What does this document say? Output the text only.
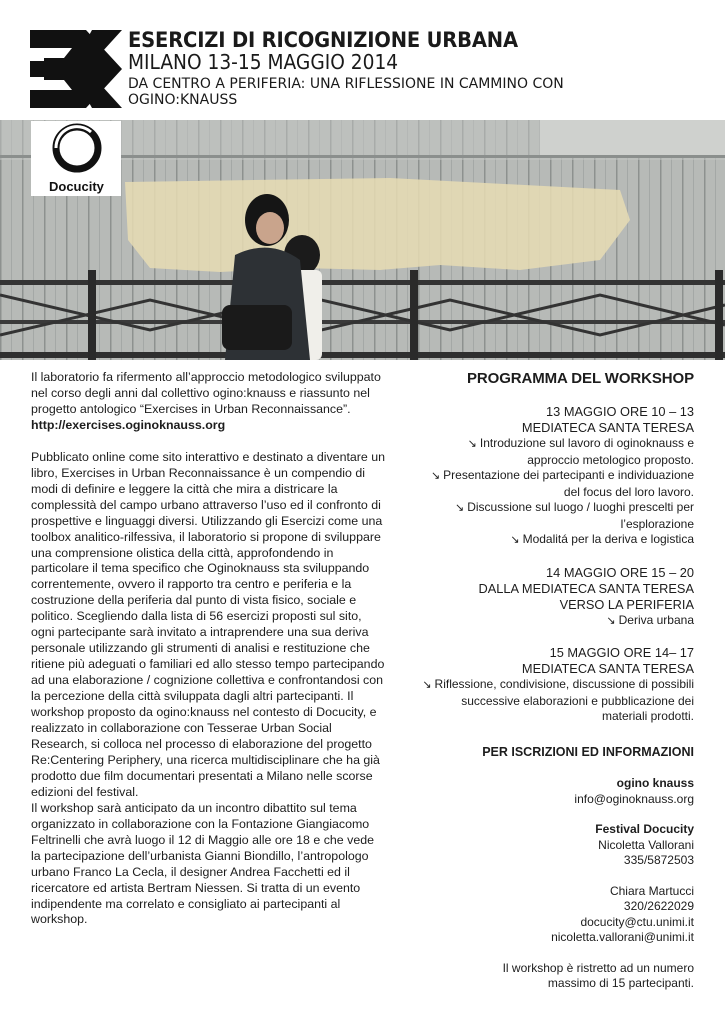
ESERCIZI DI RICOGNIZIONE URBANA
MILANO 13-15 MAGGIO 2014
DA CENTRO A PERIFERIA: UNA RIFLESSIONE IN CAMMINO CON OGINO:KNAUSS
Docucity

Il laboratorio fa rifermento all’approccio metodologico sviluppato nel corso degli anni dal collettivo ogino:knauss e riassunto nel progetto antologico “Exercises in Urban Reconnaissance”.

http://exercises.oginoknauss.org

Pubblicato online come sito interattivo e destinato a diventare un libro, Exercises in Urban Reconnaissance è un compendio di modi di definire e leggere la città che mira a districare la complessità del campo urbano attraverso l’uso ed il confronto di prospettive e linguaggi diversi. Utilizzando gli Esercizi come una toolbox analitico-rilfessiva, il laboratorio si propone di sviluppare una comprensione olistica della città, approfondendo in particolare il tema specifico che Oginoknauss sta sviluppando correntemente, ovvero il rapporto tra centro e periferia e la costruzione della periferia dal punto di vista fisico, sociale e politico. Scegliendo dalla lista di 56 esercizi proposti sul sito, ogni partecipante sarà invitato a intraprendere una sua deriva personale utilizzando gli strumenti di analisi e restituzione che ritiene più adeguati o familiari ed allo stesso tempo partecipando ad una elaborazione / cognizione collettiva e confrontandosi con la percezione della città sviluppata dagli altri partecipanti. Il workshop proposto da ogino:knauss nel contesto di Docucity, e realizzato in collaborazione con Tesserae Urban Social Research, si colloca nel processo di elaborazione del progetto Re:Centering Periphery, una ricerca multidisciplinare che ha già prodotto due film documentari presentati a Milano nelle scorse edizioni del festival.

Il workshop sarà anticipato da un incontro dibattito sul tema organizzato in collaborazione con la Fontazione Giangiacomo Feltrinelli che avrà luogo il 12 di Maggio alle ore 18 e che vede la partecipazione dell’urbanista Gianni Biondillo, l’antropologo urbano Franco La Cecla, il designer Andrea Facchetti ed il ricercatore ed artista Bertram Niessen. Si tratta di un evento indipendente ma correlato e consigliato ai partecipanti al workshop.

PROGRAMMA DEL WORKSHOP
13 MAGGIO ORE 10 – 13
MEDIATECA SANTA TERESA
↘ Introduzione sul lavoro di oginoknauss e approccio metologico proposto.
↘ Presentazione dei partecipanti e individuazione del focus del loro lavoro.
↘ Discussione sul luogo / luoghi prescelti per l’esplorazione
↘ Modalitá per la deriva e logistica
14 MAGGIO ORE 15 – 20
DALLA MEDIATECA SANTA TERESA
VERSO LA PERIFERIA
↘ Deriva urbana
15 MAGGIO ORE 14– 17
MEDIATECA SANTA TERESA
↘ Riflessione, condivisione, discussione di possibili successive elaborazioni e pubblicazione dei materiali prodotti.
PER ISCRIZIONI ED INFORMAZIONI
ogino knauss
info@oginoknauss.org
Festival Docucity
Nicoletta Vallorani
335/5872503
Chiara Martucci
320/2622029
docucity@ctu.unimi.it
nicoletta.vallorani@unimi.it
Il workshop è ristretto ad un numero massimo di 15 partecipanti.
